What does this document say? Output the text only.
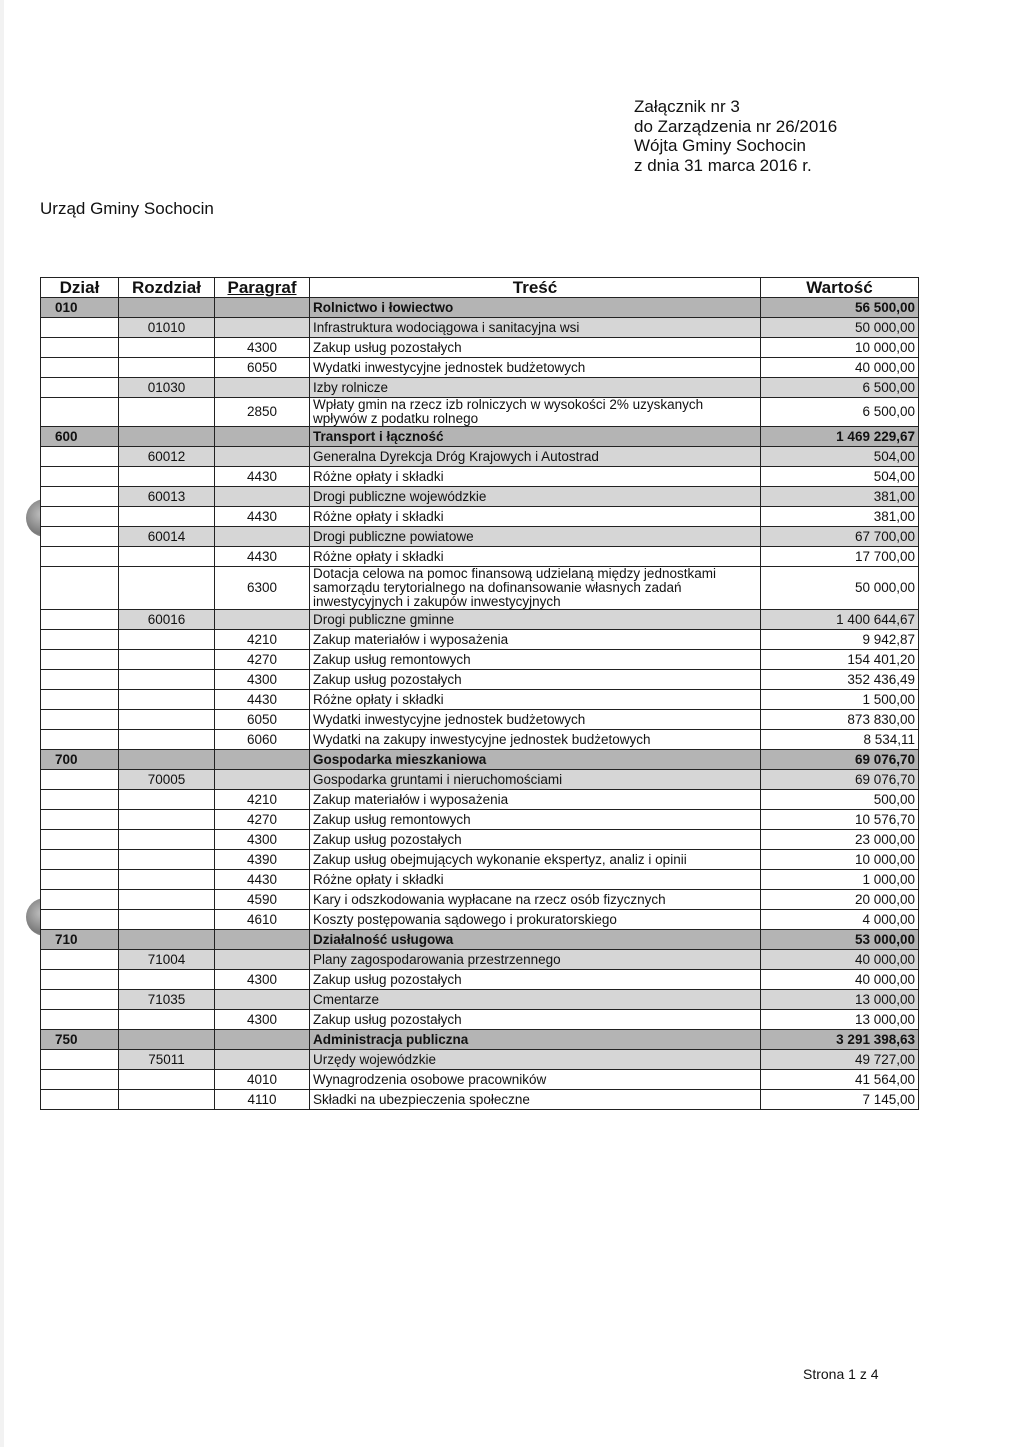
Załącznik nr 3
do Zarządzenia nr 26/2016
Wójta Gminy Sochocin
z dnia 31 marca 2016 r.
Urząd Gminy Sochocin
Dział	Rozdział	Paragraf	Treść	Wartość
010			Rolnictwo i łowiectwo	56 500,00
	01010		Infrastruktura wodociągowa i sanitacyjna wsi	50 000,00
		4300	Zakup usług pozostałych	10 000,00
		6050	Wydatki inwestycyjne jednostek budżetowych	40 000,00
	01030		Izby rolnicze	6 500,00
		2850	Wpłaty gmin na rzecz izb rolniczych w wysokości 2% uzyskanych wpływów z podatku rolnego	6 500,00
600			Transport i łączność	1 469 229,67
	60012		Generalna Dyrekcja Dróg Krajowych i Autostrad	504,00
		4430	Różne opłaty i składki	504,00
	60013		Drogi publiczne wojewódzkie	381,00
		4430	Różne opłaty i składki	381,00
	60014		Drogi publiczne powiatowe	67 700,00
		4430	Różne opłaty i składki	17 700,00
		6300	Dotacja celowa na pomoc finansową udzielaną między jednostkami samorządu terytorialnego na dofinansowanie własnych zadań inwestycyjnych i zakupów inwestycyjnych	50 000,00
	60016		Drogi publiczne gminne	1 400 644,67
		4210	Zakup materiałów i wyposażenia	9 942,87
		4270	Zakup usług remontowych	154 401,20
		4300	Zakup usług pozostałych	352 436,49
		4430	Różne opłaty i składki	1 500,00
		6050	Wydatki inwestycyjne jednostek budżetowych	873 830,00
		6060	Wydatki na zakupy inwestycyjne jednostek budżetowych	8 534,11
700			Gospodarka mieszkaniowa	69 076,70
	70005		Gospodarka gruntami i nieruchomościami	69 076,70
		4210	Zakup materiałów i wyposażenia	500,00
		4270	Zakup usług remontowych	10 576,70
		4300	Zakup usług pozostałych	23 000,00
		4390	Zakup usług obejmujących wykonanie ekspertyz, analiz i opinii	10 000,00
		4430	Różne opłaty i składki	1 000,00
		4590	Kary i odszkodowania wypłacane na rzecz osób fizycznych	20 000,00
		4610	Koszty postępowania sądowego i prokuratorskiego	4 000,00
710			Działalność usługowa	53 000,00
	71004		Plany zagospodarowania przestrzennego	40 000,00
		4300	Zakup usług pozostałych	40 000,00
	71035		Cmentarze	13 000,00
		4300	Zakup usług pozostałych	13 000,00
750			Administracja publiczna	3 291 398,63
	75011		Urzędy wojewódzkie	49 727,00
		4010	Wynagrodzenia osobowe pracowników	41 564,00
		4110	Składki na ubezpieczenia społeczne	7 145,00
Strona 1 z 4
